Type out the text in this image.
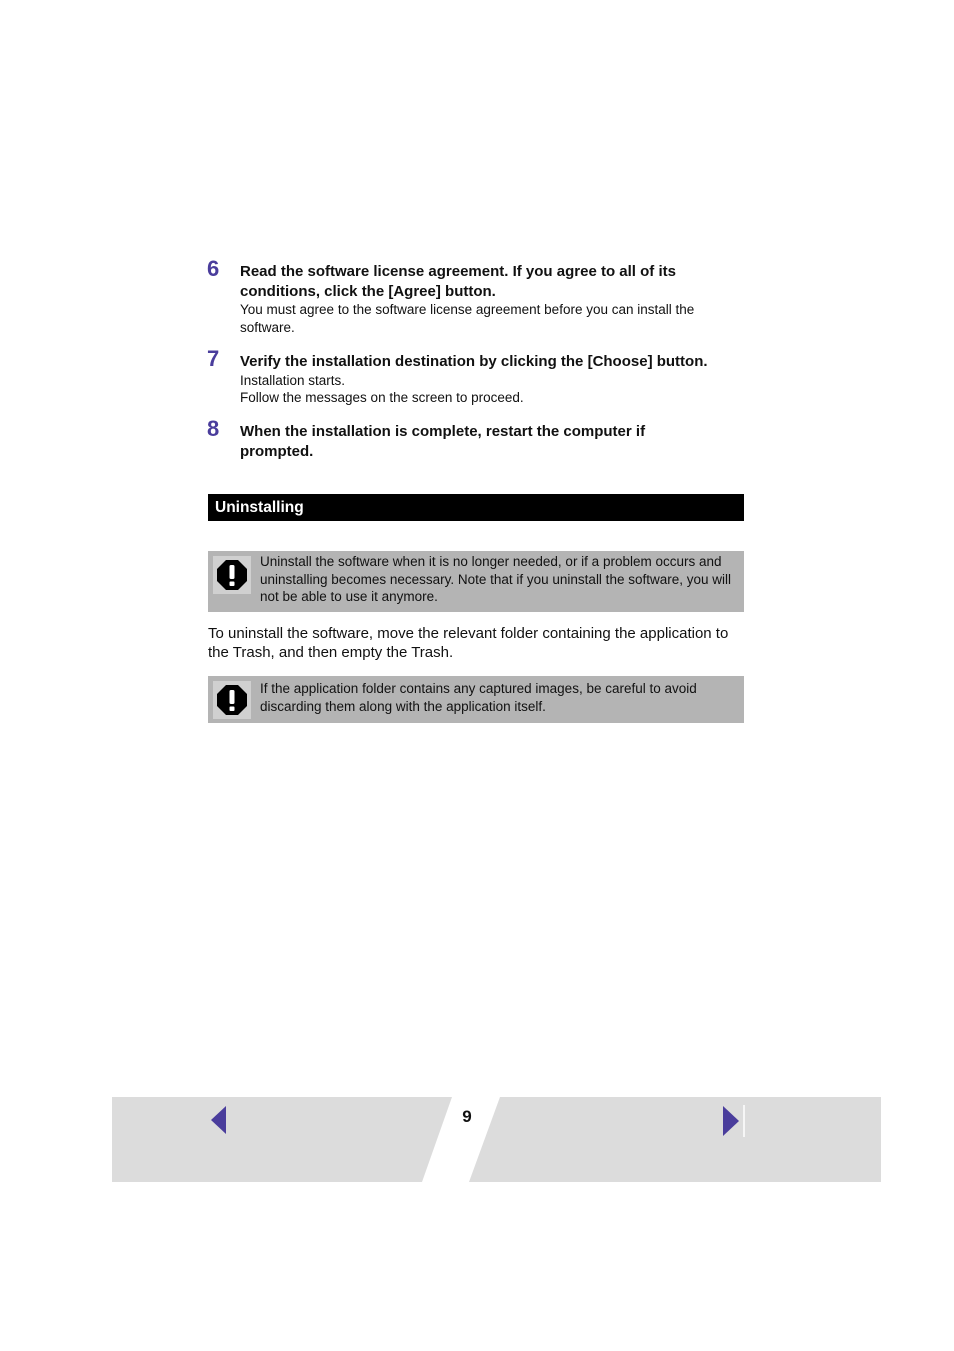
6 Read the software license agreement. If you agree to all of its conditions, click the [Agree] button.
You must agree to the software license agreement before you can install the software.
7 Verify the installation destination by clicking the [Choose] button.
Installation starts.
Follow the messages on the screen to proceed.
8 When the installation is complete, restart the computer if prompted.
Uninstalling
Uninstall the software when it is no longer needed, or if a problem occurs and uninstalling becomes necessary. Note that if you uninstall the software, you will not be able to use it anymore.
To uninstall the software, move the relevant folder containing the application to the Trash, and then empty the Trash.
If the application folder contains any captured images, be careful to avoid discarding them along with the application itself.
9
